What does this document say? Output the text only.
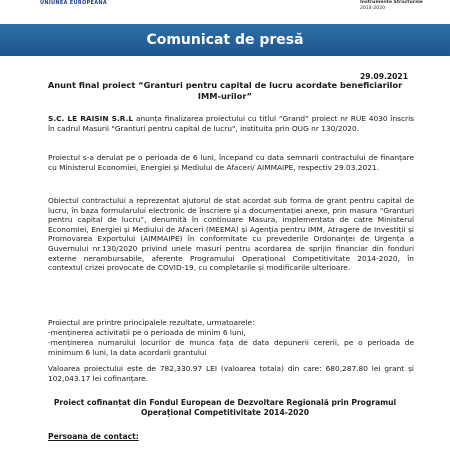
UNIUNEA EUROPEANĂ	Instrumente Structurale
2014-2020
Comunicat de presă
29.09.2021
Anunt final proiect “Granturi pentru capital de lucru acordate beneficiarilor IMM-urilor”
S.C. LE RAISIN S.R.L anunța finalizarea proiectului cu titlul “Grand” proiect nr RUE 4030 înscris în cadrul Masurii "Granturi pentru capital de lucru", instituita prin OUG nr 130/2020.
Proiectul s-a derulat pe o perioada de 6 luni, începand cu data semnarii contractului de finanțare cu Ministerul Economiei, Energiei și Mediului de Afaceri/ AIMMAIPE, respectiv 29.03.2021.
Obiectul contractului a reprezentat ajutorul de stat acordat sub forma de grant pentru capital de lucru, în baza formularului electronic de înscriere și a documentației anexe, prin masura “Granturi pentru capital de lucru”, denumită în continuare Masura, implementata de catre Ministerul Economiei, Energiei și Mediului de Afaceri (MEEMA) și Agenția pentru IMM, Atragere de Investiții și Promovarea Exportului (AIMMAIPE) în conformitate cu prevederile Ordonanței de Urgența a Guvernului nr.130/2020 privind unele masuri pentru acordarea de sprijin financiar din fonduri externe nerambursabile, aferente Programului Operațional Competitivitate 2014-2020, în contextul crizei provocate de COVID-19, cu completarile și modificarile ulterioare.
Proiectul are printre principalele rezultate, urmatoarele:
-menținerea activitații pe o perioada de minim 6 luni,
-menținerea numarului locurilor de munca fața de data depunerii cererii, pe o perioada de minimum 6 luni, la data acordarii grantului
Valoarea proiectului este de 782,330.97 LEI (valoarea totala) din care: 680,287.80 lei grant și 102,043.17 lei cofinanțare.
Proiect cofinanțat din Fondul European de Dezvoltare Regională prin Programul Operațional Competitivitate 2014-2020
Persoana de contact:
